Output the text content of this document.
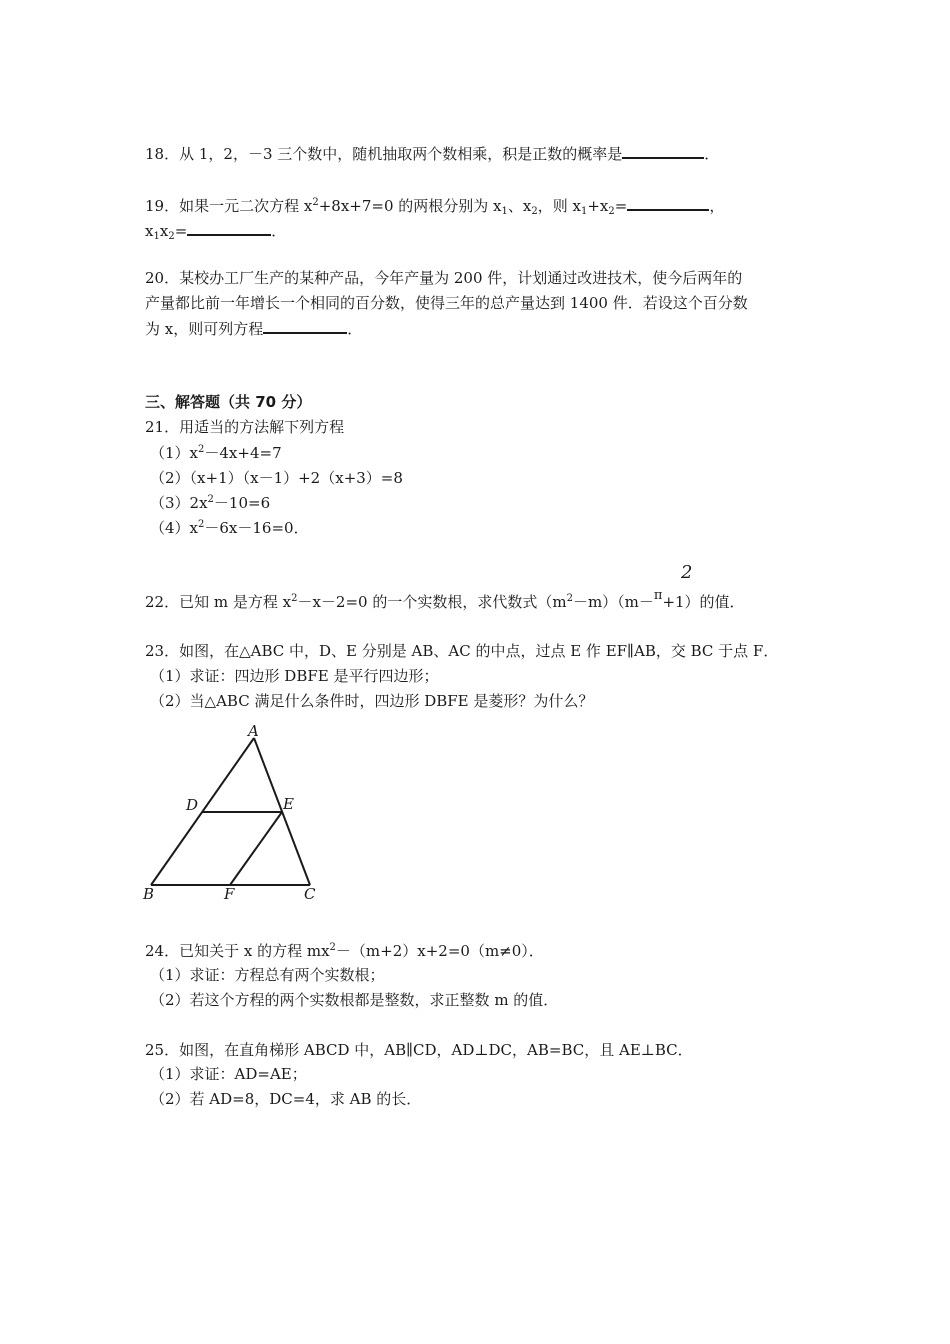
18．从 1，2，－3 三个数中，随机抽取两个数相乘，积是正数的概率是	．
19．如果一元二次方程 $x^2+8x+7=0$ 的两根分别为 $x_1$、$x_2$，则 $x_1+x_2=$	，
$x_1x_2=$	．
20．某校办工厂生产的某种产品，今年产量为 200 件，计划通过改进技术，使今后两年的
产量都比前一年增长一个相同的百分数，使得三年的总产量达到 1400 件．若设这个百分数
为 x，则可列方程	．
三、解答题（共 70 分）
21．用适当的方法解下列方程
$(1)x^2-4x+4=7$
（2）（x+1）（x－1）+2（x+3）=8
$(3)2x^2-10=6$
$(4)x^2-6x-16=0$．
2
22．已知 m 是方程 $x^2-x-2=0$ 的一个实数根，求代数式$(m^2-m)(m-\pi+1)$的值．
23．如图，在△ABC 中，D、E 分别是 AB、AC 的中点，过点 E 作 EF∥AB，交 BC 于点 F．
（1）求证：四边形 DBFE 是平行四边形；
（2）当△ABC 满足什么条件时，四边形 DBFE 是菱形？为什么？
A
D	E
B	F	C
24．已知关于 x 的方程 $mx^2-(m+2)x+2=0(m\ne 0)$．
（1）求证：方程总有两个实数根；
（2）若这个方程的两个实数根都是整数，求正整数 m 的值．
25．如图，在直角梯形 ABCD 中，AB∥CD，AD⊥DC，AB=BC，且 AE⊥BC．
（1）求证：AD=AE；
（2）若 AD=8，DC=4，求 AB 的长．
